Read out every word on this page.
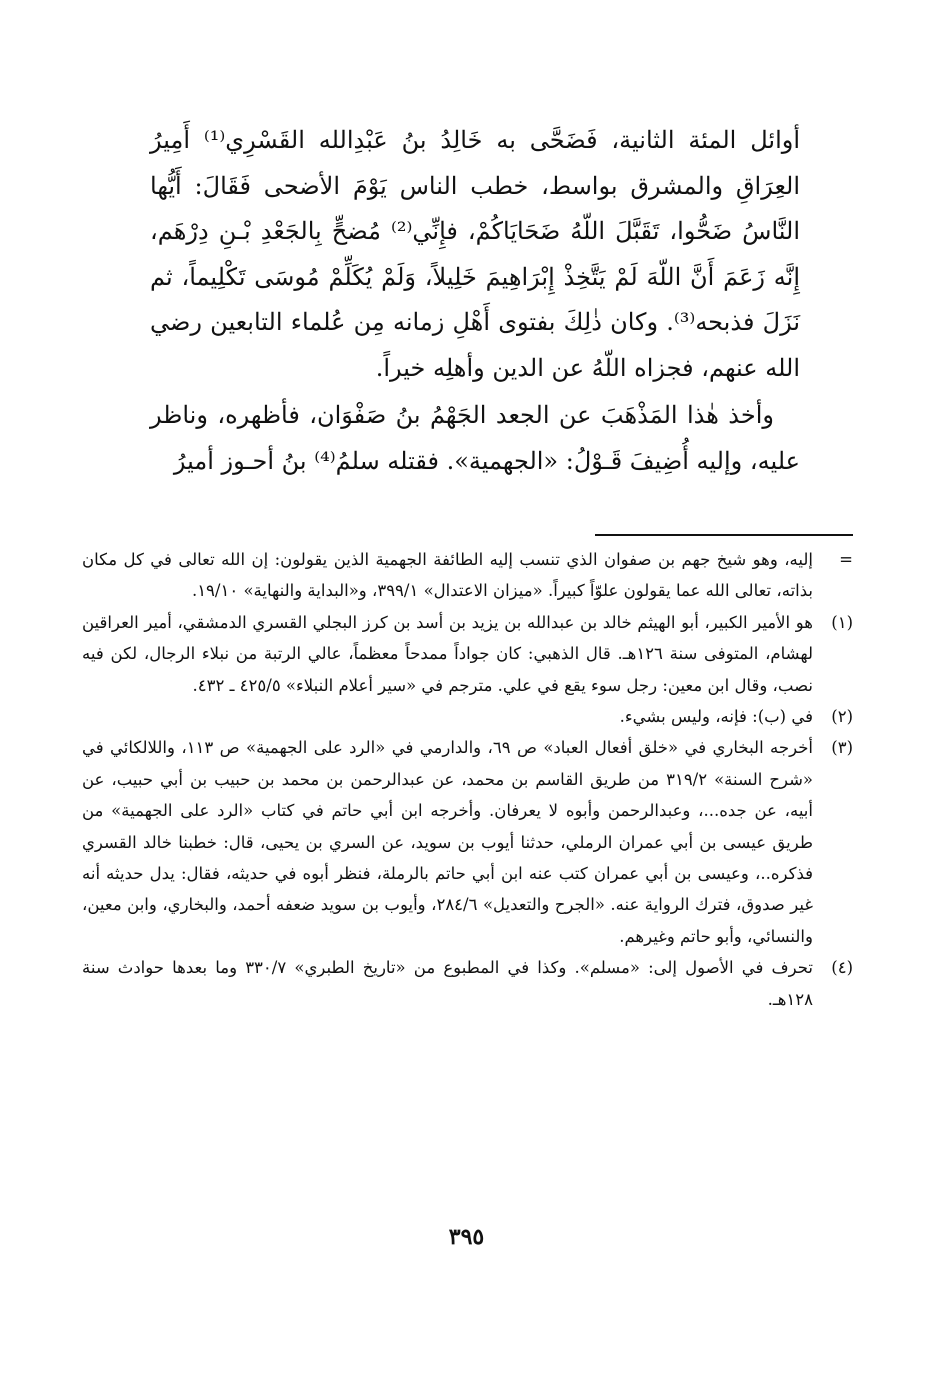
أوائل المئة الثانية، فَضَحَّى به خَالِدُ بنُ عَبْدِالله القَسْرِي⁽¹⁾ أَمِيرُ العِرَاقِ والمشرق بواسط، خطب الناس يَوْمَ الأضحى فَقَالَ: أَيُّها النَّاسُ ضَحُّوا، تَقَبَّلَ اللّهُ ضَحَايَاكُمْ، فإِنِّي⁽²⁾ مُضحٍّ بِالجَعْدِ بْـنِ دِرْهَم، إِنَّه زَعَمَ أَنَّ اللّهَ لَمْ يَتَّخِذْ إِبْرَاهِيمَ خَلِيلاً، وَلَمْ يُكَلِّمْ مُوسَى تَكْلِيماً، ثم نَزَلَ فذبحه⁽³⁾. وكان ذٰلِكَ بفتوى أَهْلِ زمانه مِن عُلماء التابعين رضي الله عنهم، فجزاه اللّهُ عن الدين وأهلِه خيراً.

وأخذ هٰذا المَذْهَبَ عن الجعد الجَهْمُ بنُ صَفْوَان، فأظهره، وناظر عليه، وإليه أُضِيفَ قَـوْلُ: «الجهمية». فقتله سلمُ⁽⁴⁾ بنُ أحـوز أميرُ

=
إليه، وهو شيخ جهم بن صفوان الذي تنسب إليه الطائفة الجهمية الذين يقولون: إن الله تعالى في كل مكان بذاته، تعالى الله عما يقولون علوّاً كبيراً. «ميزان الاعتدال» ٣٩٩/١، و«البداية والنهاية» ١٩/١٠.
(١)
هو الأمير الكبير، أبو الهيثم خالد بن عبدالله بن يزيد بن أسد بن كرز البجلي القسري الدمشقي، أمير العراقين لهشام، المتوفى سنة ١٢٦هـ. قال الذهبي: كان جواداً ممدحاً معظماً، عالي الرتبة من نبلاء الرجال، لكن فيه نصب، وقال ابن معين: رجل سوء يقع في علي. مترجم في «سير أعلام النبلاء» ٤٢٥/٥ ـ ٤٣٢.
(٢)
في (ب): فإنه، وليس بشيء.
(٣)
أخرجه البخاري في «خلق أفعال العباد» ص ٦٩، والدارمي في «الرد على الجهمية» ص ١١٣، واللالكائي في «شرح السنة» ٣١٩/٢ من طريق القاسم بن محمد، عن عبدالرحمن بن محمد بن حبيب بن أبي حبيب، عن أبيه، عن جده...، وعبدالرحمن وأبوه لا يعرفان. وأخرجه ابن أبي حاتم في كتاب «الرد على الجهمية» من طريق عيسى بن أبي عمران الرملي، حدثنا أيوب بن سويد، عن السري بن يحيى، قال: خطبنا خالد القسري فذكره..، وعيسى بن أبي عمران كتب عنه ابن أبي حاتم بالرملة، فنظر أبوه في حديثه، فقال: يدل حديثه أنه غير صدوق، فترك الرواية عنه. «الجرح والتعديل» ٢٨٤/٦، وأيوب بن سويد ضعفه أحمد، والبخاري، وابن معين، والنسائي، وأبو حاتم وغيرهم.
(٤)
تحرف في الأصول إلى: «مسلم». وكذا في المطبوع من «تاريخ الطبري» ٣٣٠/٧ وما بعدها حوادث سنة ١٢٨هـ.
٣٩٥
